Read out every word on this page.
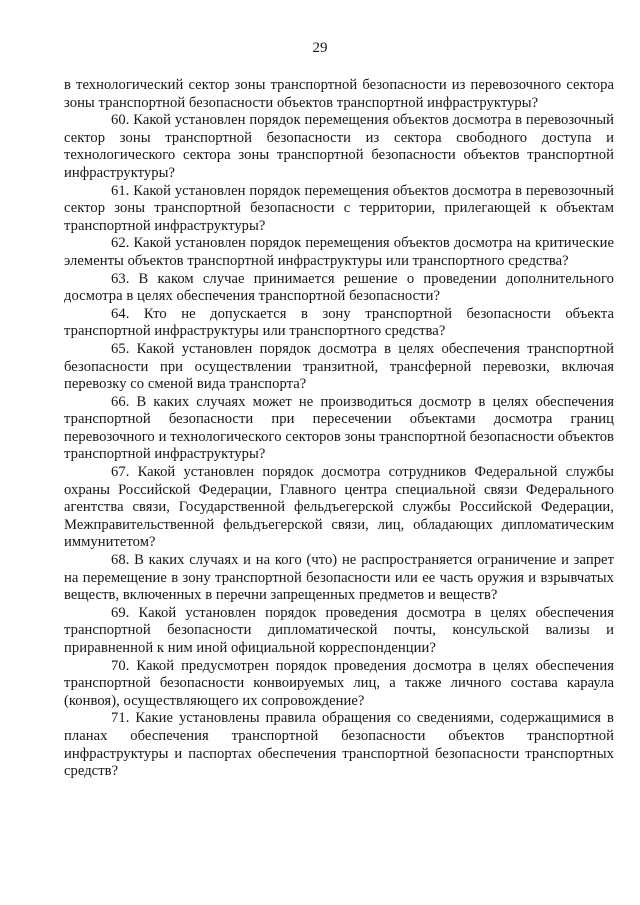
29

в технологический сектор зоны транспортной безопасности из перевозочного сектора зоны транспортной безопасности объектов транспортной инфраструктуры?

60. Какой установлен порядок перемещения объектов досмотра в перевозочный сектор зоны транспортной безопасности из сектора свободного доступа и технологического сектора зоны транспортной безопасности объектов транспортной инфраструктуры?

61. Какой установлен порядок перемещения объектов досмотра в перевозочный сектор зоны транспортной безопасности с территории, прилегающей к объектам транспортной инфраструктуры?

62. Какой установлен порядок перемещения объектов досмотра на критические элементы объектов транспортной инфраструктуры или транспортного средства?

63. В каком случае принимается решение о проведении дополнительного досмотра в целях обеспечения транспортной безопасности?

64. Кто не допускается в зону транспортной безопасности объекта транспортной инфраструктуры или транспортного средства?

65. Какой установлен порядок досмотра в целях обеспечения транспортной безопасности при осуществлении транзитной, трансферной перевозки, включая перевозку со сменой вида транспорта?

66. В каких случаях может не производиться досмотр в целях обеспечения транспортной безопасности при пересечении объектами досмотра границ перевозочного и технологического секторов зоны транспортной безопасности объектов транспортной инфраструктуры?

67. Какой установлен порядок досмотра сотрудников Федеральной службы охраны Российской Федерации, Главного центра специальной связи Федерального агентства связи, Государственной фельдъегерской службы Российской Федерации, Межправительственной фельдъегерской связи, лиц, обладающих дипломатическим иммунитетом?

68. В каких случаях и на кого (что) не распространяется ограничение и запрет на перемещение в зону транспортной безопасности или ее часть оружия и взрывчатых веществ, включенных в перечни запрещенных предметов и веществ?

69. Какой установлен порядок проведения досмотра в целях обеспечения транспортной безопасности дипломатической почты, консульской вализы и приравненной к ним иной официальной корреспонденции?

70. Какой предусмотрен порядок проведения досмотра в целях обеспечения транспортной безопасности конвоируемых лиц, а также личного состава караула (конвоя), осуществляющего их сопровождение?

71. Какие установлены правила обращения со сведениями, содержащимися в планах обеспечения транспортной безопасности объектов транспортной инфраструктуры и паспортах обеспечения транспортной безопасности транспортных средств?
